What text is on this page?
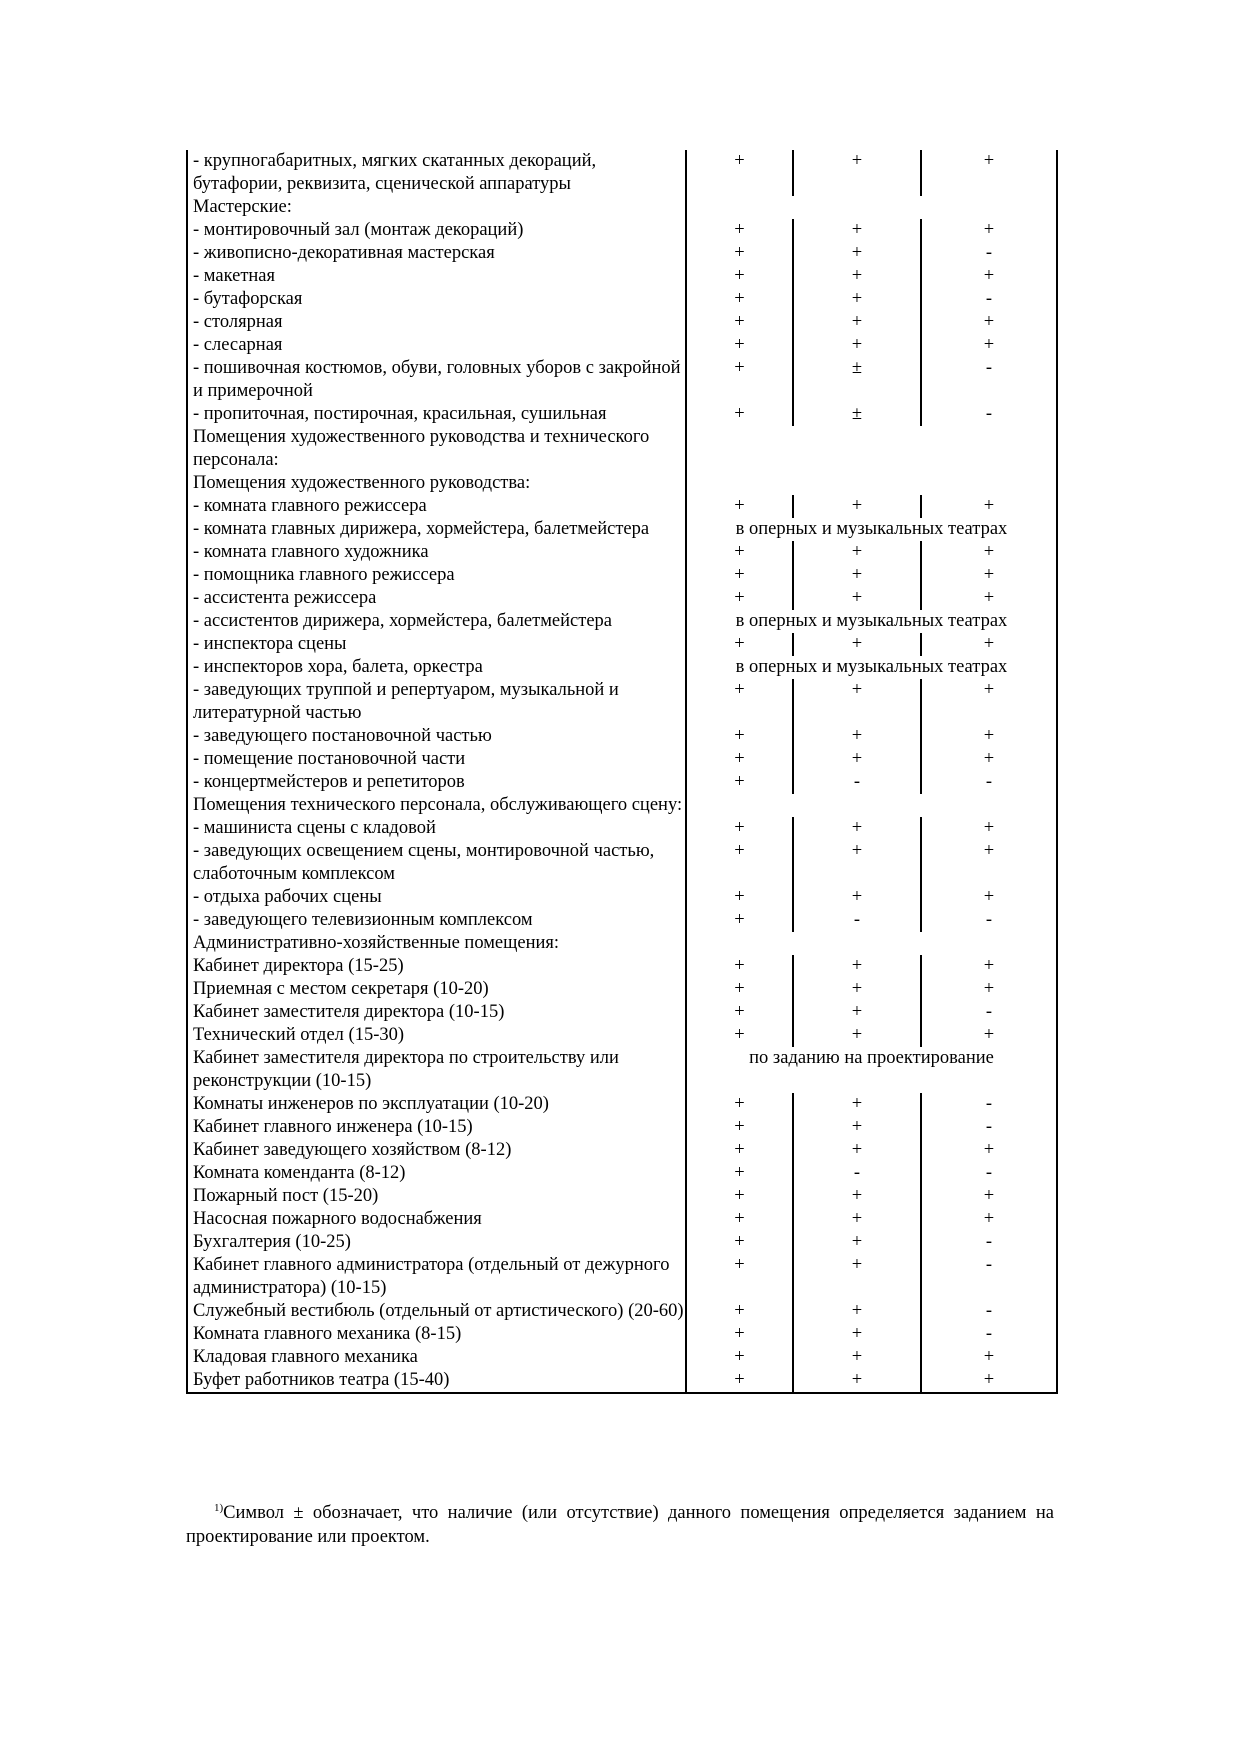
- крупногабаритных, мягких скатанных декораций, бутафории, реквизита, сценической аппаратуры	+	+	+
Мастерские:			
- монтировочный зал (монтаж декораций)	+	+	+
- живописно-декоративная мастерская	+	+	-
- макетная	+	+	+
- бутафорская	+	+	-
- столярная	+	+	+
- слесарная	+	+	+
- пошивочная костюмов, обуви, головных уборов с закройной и примерочной	+	±	-
- пропиточная, постирочная, красильная, сушильная	+	±	-
Помещения художественного руководства и технического персонала:			
Помещения художественного руководства:			
- комната главного режиссера	+	+	+
- комната главных дирижера, хормейстера, балетмейстера	в оперных и музыкальных театрах		
- комната главного художника	+	+	+
- помощника главного режиссера	+	+	+
- ассистента режиссера	+	+	+
- ассистентов дирижера, хормейстера, балетмейстера	в оперных и музыкальных театрах		
- инспектора сцены	+	+	+
- инспекторов хора, балета, оркестра	в оперных и музыкальных театрах		
- заведующих труппой и репертуаром, музыкальной и литературной частью	+	+	+
- заведующего постановочной частью	+	+	+
- помещение постановочной части	+	+	+
- концертмейстеров и репетиторов	+	-	-
Помещения технического персонала, обслуживающего сцену:			
- машиниста сцены с кладовой	+	+	+
- заведующих освещением сцены, монтировочной частью, слаботочным комплексом	+	+	+
- отдыха рабочих сцены	+	+	+
- заведующего телевизионным комплексом	+	-	-
Административно-хозяйственные помещения:			
Кабинет директора (15-25)	+	+	+
Приемная с местом секретаря (10-20)	+	+	+
Кабинет заместителя директора (10-15)	+	+	-
Технический отдел (15-30)	+	+	+
Кабинет заместителя директора по строительству или реконструкции (10-15)	по заданию на проектирование		
Комнаты инженеров по эксплуатации (10-20)	+	+	-
Кабинет главного инженера (10-15)	+	+	-
Кабинет заведующего хозяйством (8-12)	+	+	+
Комната коменданта (8-12)	+	-	-
Пожарный пост (15-20)	+	+	+
Насосная пожарного водоснабжения	+	+	+
Бухгалтерия (10-25)	+	+	-
Кабинет главного администратора (отдельный от дежурного администратора) (10-15)	+	+	-
Служебный вестибюль (отдельный от артистического) (20-60)	+	+	-
Комната главного механика (8-15)	+	+	-
Кладовая главного механика	+	+	+
Буфет работников театра (15-40)	+	+	+

$^{1)}$Символ ± обозначает, что наличие (или отсутствие) данного помещения определяется заданием на проектирование или проектом.
